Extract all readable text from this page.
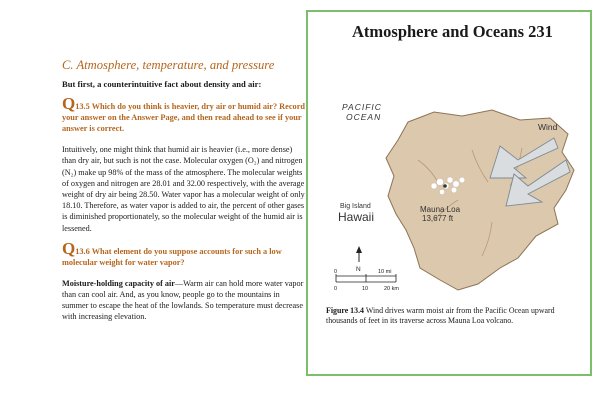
C. Atmosphere, temperature, and pressure
But first, a counterintuitive fact about density and air:
Q13.5 Which do you think is heavier, dry air or humid air? Record your answer on the Answer Page, and then read ahead to see if your answer is correct.
Intuitively, one might think that humid air is heavier (i.e., more dense) than dry air, but such is not the case. Molecular oxygen (O₂) and nitrogen (N₂) make up 98% of the mass of the atmosphere. The molecular weights of oxygen and nitrogen are 28.01 and 32.00 respectively, with the average weight of dry air being 28.50. Water vapor has a molecular weight of only 18.10. Therefore, as water vapor is added to air, the percent of other gases is diminished proportionately, so the molecular weight of the humid air is lessened.
Q13.6 What element do you suppose accounts for such a low molecular weight for water vapor?
Moisture-holding capacity of air—Warm air can hold more water vapor than can cool air. And, as you know, people go to the mountains in summer to escape the heat of the lowlands. So temperature must decrease with increasing elevation.
Atmosphere and Oceans 231
PACIFIC
OCEAN
Wind
Big Island
Hawaii
Mauna Loa
13,677 ft
N
0	10 mi
0	10	20 km
Figure 13.4 Wind drives warm moist air from the Pacific Ocean upward thousands of feet in its traverse across Mauna Loa volcano.
